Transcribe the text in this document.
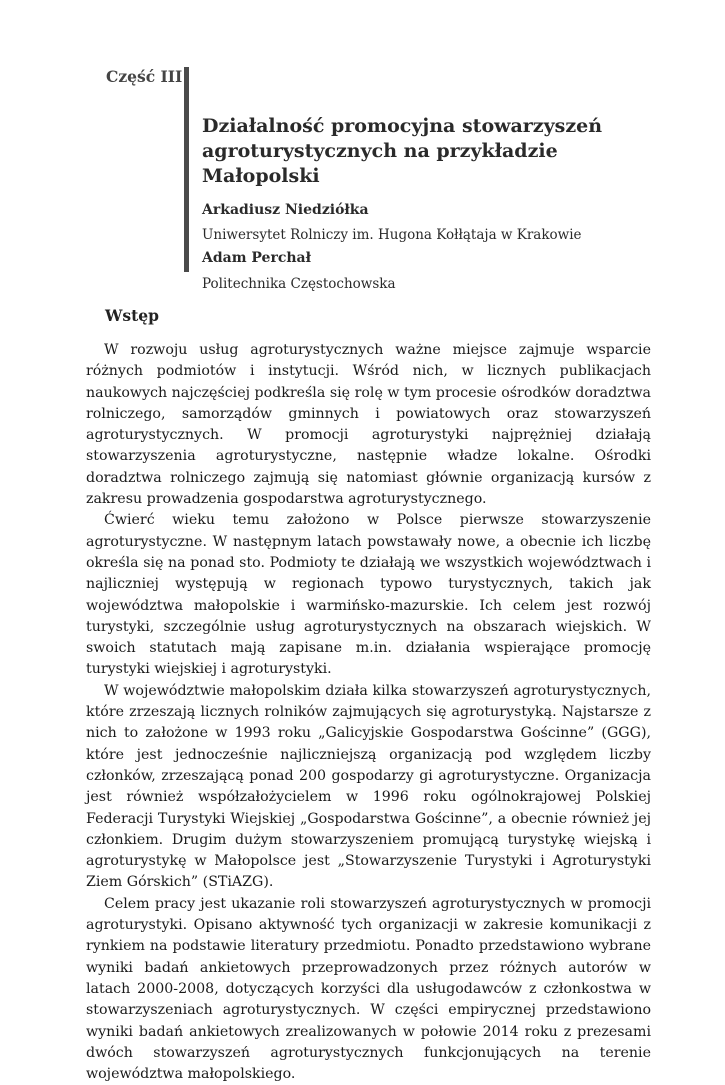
Część III
Działalność promocyjna stowarzyszeń agroturystycznych na przykładzie Małopolski

Arkadiusz Niedziółka

Uniwersytet Rolniczy im. Hugona Kołłątaja w Krakowie

Adam Perchał

Politechnika Częstochowska

Wstęp

W rozwoju usług agroturystycznych ważne miejsce zajmuje wsparcie różnych podmiotów i instytucji. Wśród nich, w licznych publikacjach naukowych najczęściej podkreśla się rolę w tym procesie ośrodków doradztwa rolniczego, samorządów gminnych i powiatowych oraz stowarzyszeń agroturystycznych. W promocji agroturystyki najprężniej działają stowarzyszenia agroturystyczne, następnie władze lokalne. Ośrodki doradztwa rolniczego zajmują się natomiast głównie organizacją kursów z zakresu prowadzenia gospodarstwa agroturystycznego.

Ćwierć wieku temu założono w Polsce pierwsze stowarzyszenie agroturystyczne. W następnym latach powstawały nowe, a obecnie ich liczbę określa się na ponad sto. Podmioty te działają we wszystkich województwach i najliczniej występują w regionach typowo turystycznych, takich jak województwa małopolskie i warmińsko-mazurskie. Ich celem jest rozwój turystyki, szczególnie usług agroturystycznych na obszarach wiejskich. W swoich statutach mają zapisane m.in. działania wspierające promocję turystyki wiejskiej i agroturystyki.

W województwie małopolskim działa kilka stowarzyszeń agroturystycznych, które zrzeszają licznych rolników zajmujących się agroturystyką. Najstarsze z nich to założone w 1993 roku „Galicyjskie Gospodarstwa Gościnne” (GGG), które jest jednocześnie najliczniejszą organizacją pod względem liczby członków, zrzeszającą ponad 200 gospodarzy gi agroturystyczne. Organizacja jest również współzałożycielem w 1996 roku ogólnokrajowej Polskiej Federacji Turystyki Wiejskiej „Gospodarstwa Gościnne”, a obecnie również jej członkiem. Drugim dużym stowarzyszeniem promującą turystykę wiejską i agroturystykę w Małopolsce jest „Stowarzyszenie Turystyki i Agroturystyki Ziem Górskich” (STiAZG).

Celem pracy jest ukazanie roli stowarzyszeń agroturystycznych w promocji agroturystyki. Opisano aktywność tych organizacji w zakresie komunikacji z rynkiem na podstawie literatury przedmiotu. Ponadto przedstawiono wybrane wyniki badań ankietowych przeprowadzonych przez różnych autorów w latach 2000-2008, dotyczących korzyści dla usługodawców z członkostwa w stowarzyszeniach agroturystycznych. W części empirycznej przedstawiono wyniki badań ankietowych zrealizowanych w połowie 2014 roku z prezesami dwóch stowarzyszeń agroturystycznych funkcjonujących na terenie województwa małopolskiego.
